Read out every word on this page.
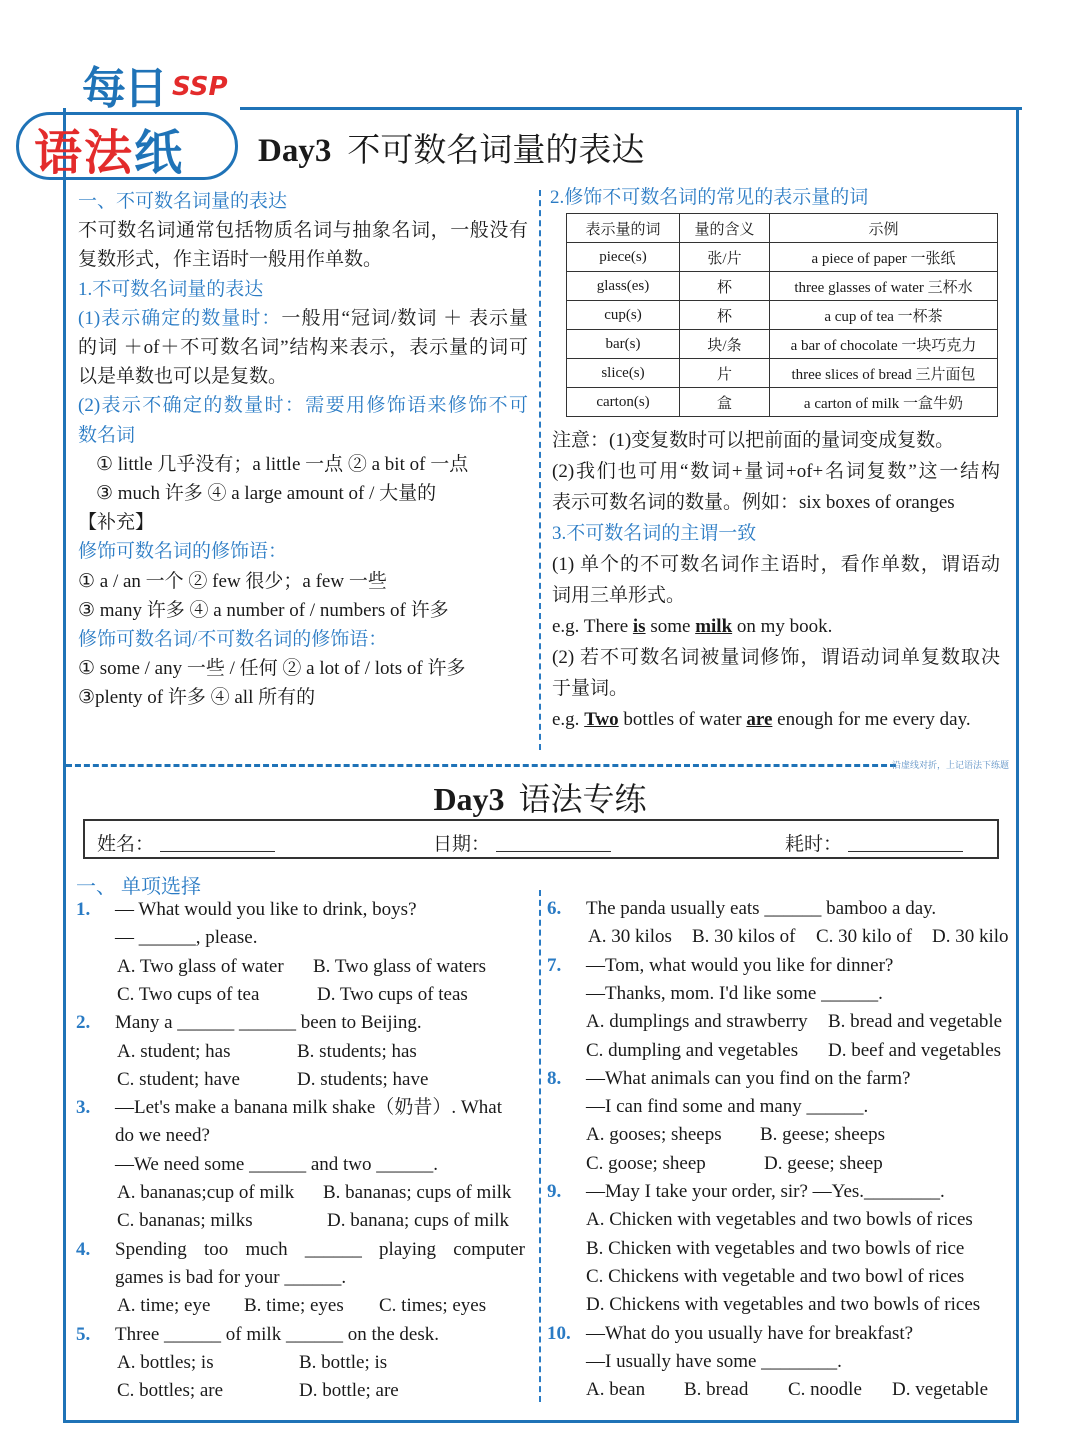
每日 SSP
语法纸 Day3 不可数名词量的表达
一、不可数名词量的表达
不可数名词通常包括物质名词与抽象名词，一般没有
复数形式，作主语时一般用作单数。
1.不可数名词量的表达
(1)表示确定的数量时：一般用“冠词/数词 ＋ 表示量
的词 ＋of＋不可数名词”结构来表示，表示量的词可
以是单数也可以是复数。
(2)表示不确定的数量时：需要用修饰语来修饰不可
数名词
① little 几乎没有；a little 一点 ② a bit of 一点
③ much 许多 ④ a large amount of / 大量的
【补充】
修饰可数名词的修饰语：
① a / an 一个 ② few 很少；a few 一些
③ many 许多 ④ a number of / numbers of 许多
修饰可数名词/不可数名词的修饰语：
① some / any 一些 / 任何 ② a lot of / lots of 许多
③plenty of 许多 ④ all 所有的
2.修饰不可数名词的常见的表示量的词
表示量的词	量的含义	示例
piece(s)	张/片	a piece of paper 一张纸
glass(es)	杯	three glasses of water 三杯水
cup(s)	杯	a cup of tea 一杯茶
bar(s)	块/条	a bar of chocolate 一块巧克力
slice(s)	片	three slices of bread 三片面包
carton(s)	盒	a carton of milk 一盒牛奶
注意：(1)变复数时可以把前面的量词变成复数。
(2)我们也可用“数词+量词+of+名词复数”这一结构
表示可数名词的数量。例如：six boxes of oranges
3.不可数名词的主谓一致
(1) 单个的不可数名词作主语时，看作单数，谓语动
词用三单形式。
e.g. There is some milk on my book.
(2) 若不可数名词被量词修饰，谓语动词单复数取决
于量词。
e.g. Two bottles of water are enough for me every day.
沿虚线对折，上记语法下练题
Day3 语法专练
姓名：	日期：	耗时：
一、 单项选择
1. — What would you like to drink, boys?
— ______, please.
A. Two glass of water B. Two glass of waters
C. Two cups of tea	D. Two cups of teas
2. Many a ______ ______ been to Beijing.
A. student; has	B. students; has
C. student; have	D. students; have
3. —Let's make a banana milk shake（奶昔）. What
do we need?
—We need some ______ and two ______.
A. bananas;cup of milk B. bananas; cups of milk
C. bananas; milks	D. banana; cups of milk
4. Spending too much ______ playing computer
games is bad for your ______.
A. time; eye B. time; eyes C. times; eyes
5. Three ______ of milk ______ on the desk.
A. bottles; is	B. bottle; is
C. bottles; are	D. bottle; are
6. The panda usually eats ______ bamboo a day.
A. 30 kilos B. 30 kilos of C. 30 kilo of D. 30 kilo
7. —Tom, what would you like for dinner?
—Thanks, mom. I'd like some ______.
A. dumplings and strawberry B. bread and vegetable
C. dumpling and vegetables D. beef and vegetables
8. —What animals can you find on the farm?
—I can find some and many ______.
A. gooses; sheeps B. geese; sheeps
C. goose; sheep	D. geese; sheep
9. —May I take your order, sir? —Yes.________.
A. Chicken with vegetables and two bowls of rices
B. Chicken with vegetables and two bowls of rice
C. Chickens with vegetable and two bowl of rices
D. Chickens with vegetables and two bowls of rices
10. —What do you usually have for breakfast?
—I usually have some ________.
A. bean B. bread C. noodle D. vegetable
